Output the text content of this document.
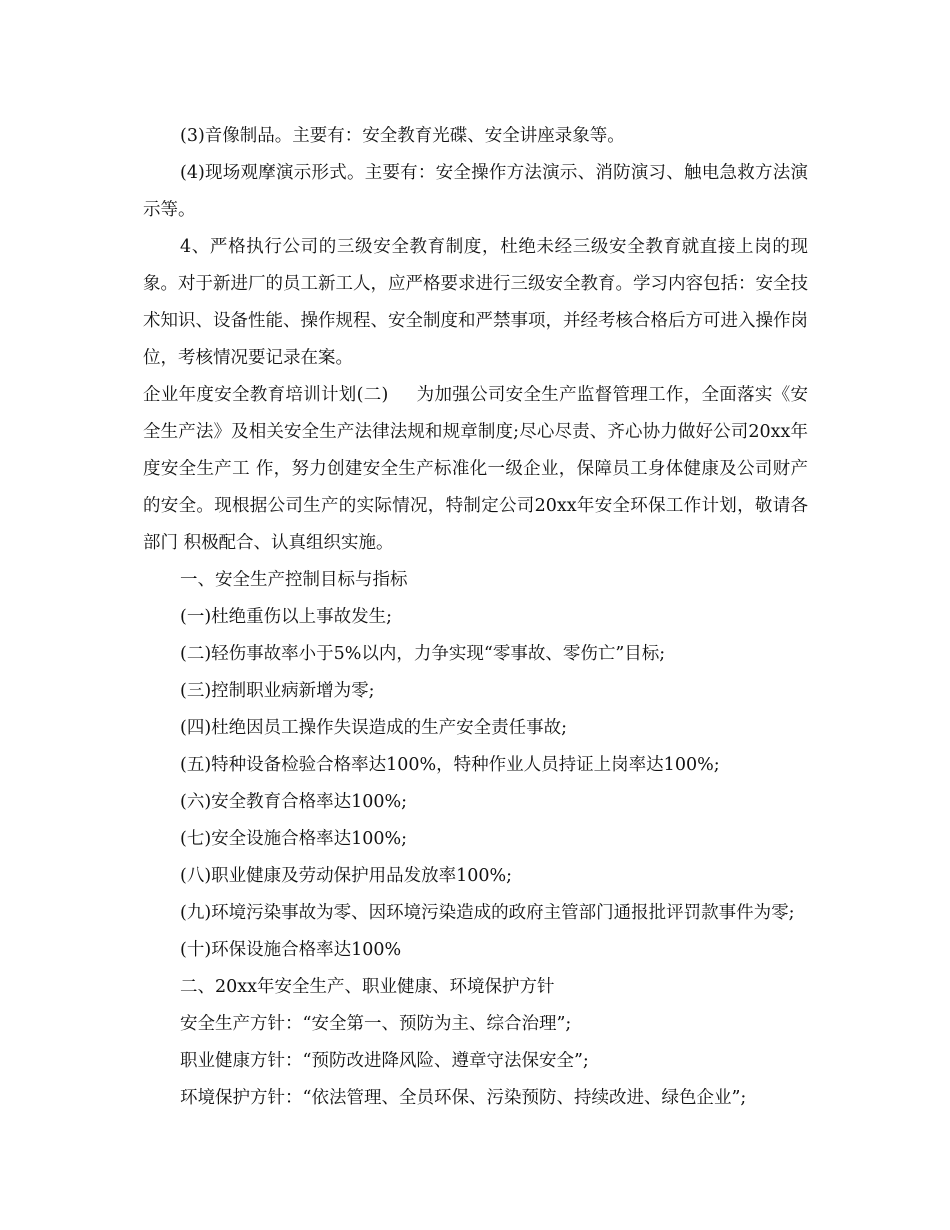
(3)音像制品。主要有：安全教育光碟、安全讲座录象等。

(4)现场观摩演示形式。主要有：安全操作方法演示、消防演习、触电急救方法演示等。

4、严格执行公司的三级安全教育制度，杜绝未经三级安全教育就直接上岗的现象。对于新进厂的员工新工人，应严格要求进行三级安全教育。学习内容包括：安全技术知识、设备性能、操作规程、安全制度和严禁事项，并经考核合格后方可进入操作岗位，考核情况要记录在案。

企业年度安全教育培训计划(二) 为加强公司安全生产监督管理工作，全面落实《安全生产法》及相关安全生产法律法规和规章制度;尽心尽责、齐心协力做好公司20xx年度安全生产工 作，努力创建安全生产标准化一级企业，保障员工身体健康及公司财产的安全。现根据公司生产的实际情况，特制定公司20xx年安全环保工作计划，敬请各部门 积极配合、认真组织实施。

一、安全生产控制目标与指标

(一)杜绝重伤以上事故发生;

(二)轻伤事故率小于5%以内，力争实现“零事故、零伤亡”目标;

(三)控制职业病新增为零;

(四)杜绝因员工操作失误造成的生产安全责任事故;

(五)特种设备检验合格率达100%，特种作业人员持证上岗率达100%;

(六)安全教育合格率达100%;

(七)安全设施合格率达100%;

(八)职业健康及劳动保护用品发放率100%;

(九)环境污染事故为零、因环境污染造成的政府主管部门通报批评罚款事件为零;

(十)环保设施合格率达100%

二、20xx年安全生产、职业健康、环境保护方针

安全生产方针：“安全第一、预防为主、综合治理”;

职业健康方针：“预防改进降风险、遵章守法保安全”;

环境保护方针：“依法管理、全员环保、污染预防、持续改进、绿色企业”;
